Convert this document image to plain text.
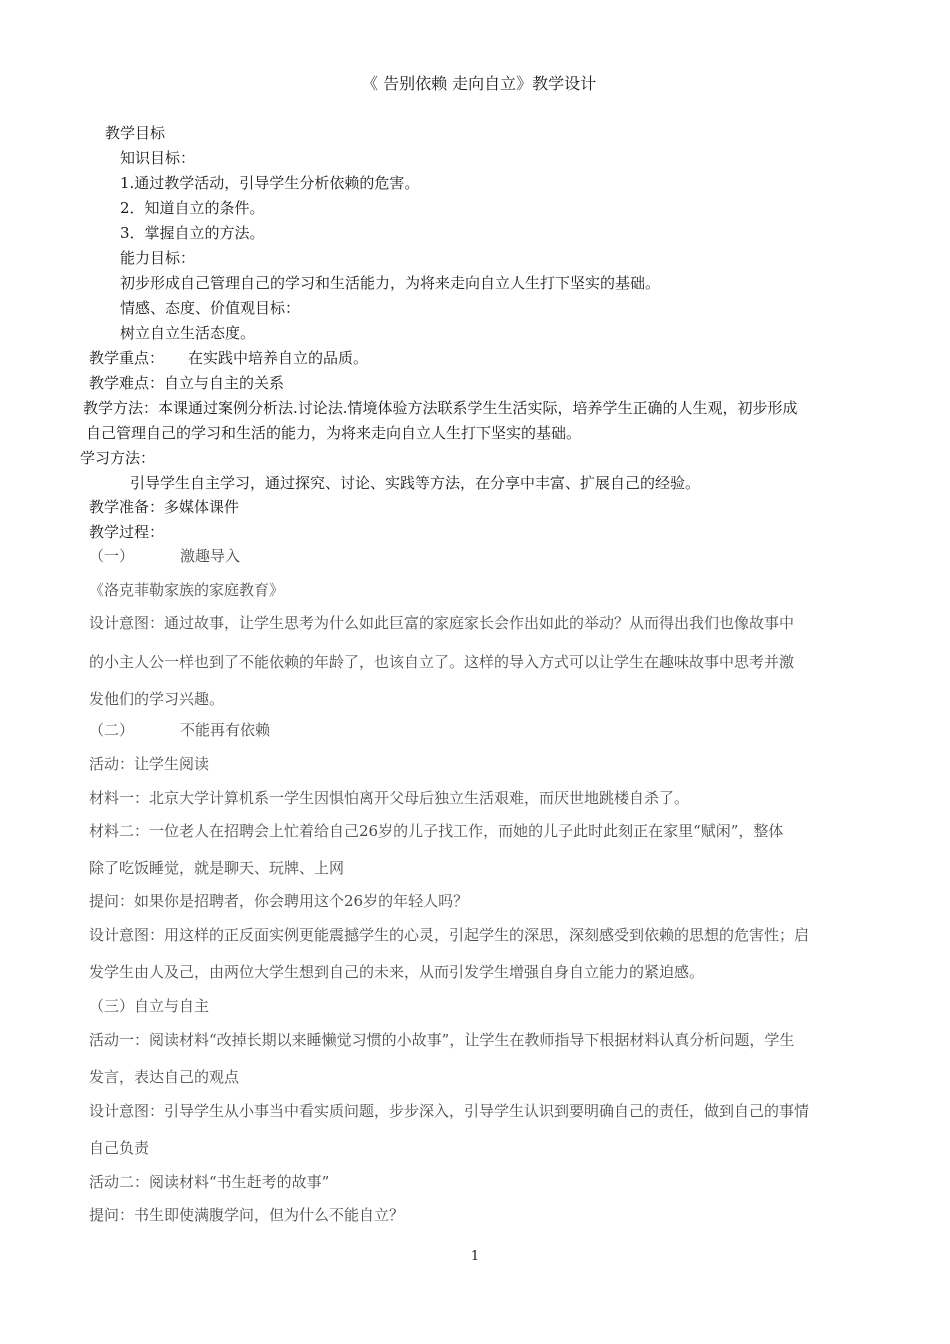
《 告别依赖 走向自立》教学设计
教学目标
知识目标：
1.通过教学活动，引导学生分析依赖的危害。
2．知道自立的条件。
3．掌握自立的方法。
能力目标：
初步形成自己管理自己的学习和生活能力，为将来走向自立人生打下坚实的基础。
情感、态度、价值观目标：
树立自立生活态度。
教学重点： 在实践中培养自立的品质。
教学难点：自立与自主的关系
教学方法：本课通过案例分析法.讨论法.情境体验方法联系学生生活实际，培养学生正确的人生观，初步形成
自己管理自己的学习和生活的能力，为将来走向自立人生打下坚实的基础。
学习方法：
引导学生自主学习，通过探究、讨论、实践等方法，在分享中丰富、扩展自己的经验。
教学准备：多媒体课件
教学过程：
（一）	激趣导入
《洛克菲勒家族的家庭教育》
设计意图：通过故事，让学生思考为什么如此巨富的家庭家长会作出如此的举动？从而得出我们也像故事中
的小主人公一样也到了不能依赖的年龄了，也该自立了。这样的导入方式可以让学生在趣味故事中思考并激
发他们的学习兴趣。
（二）	不能再有依赖
活动：让学生阅读
材料一：北京大学计算机系一学生因惧怕离开父母后独立生活艰难，而厌世地跳楼自杀了。
材料二：一位老人在招聘会上忙着给自己26岁的儿子找工作，而她的儿子此时此刻正在家里“赋闲”，整体
除了吃饭睡觉，就是聊天、玩牌、上网
提问：如果你是招聘者，你会聘用这个26岁的年轻人吗？
设计意图：用这样的正反面实例更能震撼学生的心灵，引起学生的深思，深刻感受到依赖的思想的危害性；启
发学生由人及己，由两位大学生想到自己的未来，从而引发学生增强自身自立能力的紧迫感。
（三）自立与自主
活动一：阅读材料“改掉长期以来睡懒觉习惯的小故事”，让学生在教师指导下根据材料认真分析问题，学生
发言，表达自己的观点
设计意图：引导学生从小事当中看实质问题，步步深入，引导学生认识到要明确自己的责任，做到自己的事情
自己负责
活动二：阅读材料“书生赶考的故事”
提问：书生即使满腹学问，但为什么不能自立？
1
